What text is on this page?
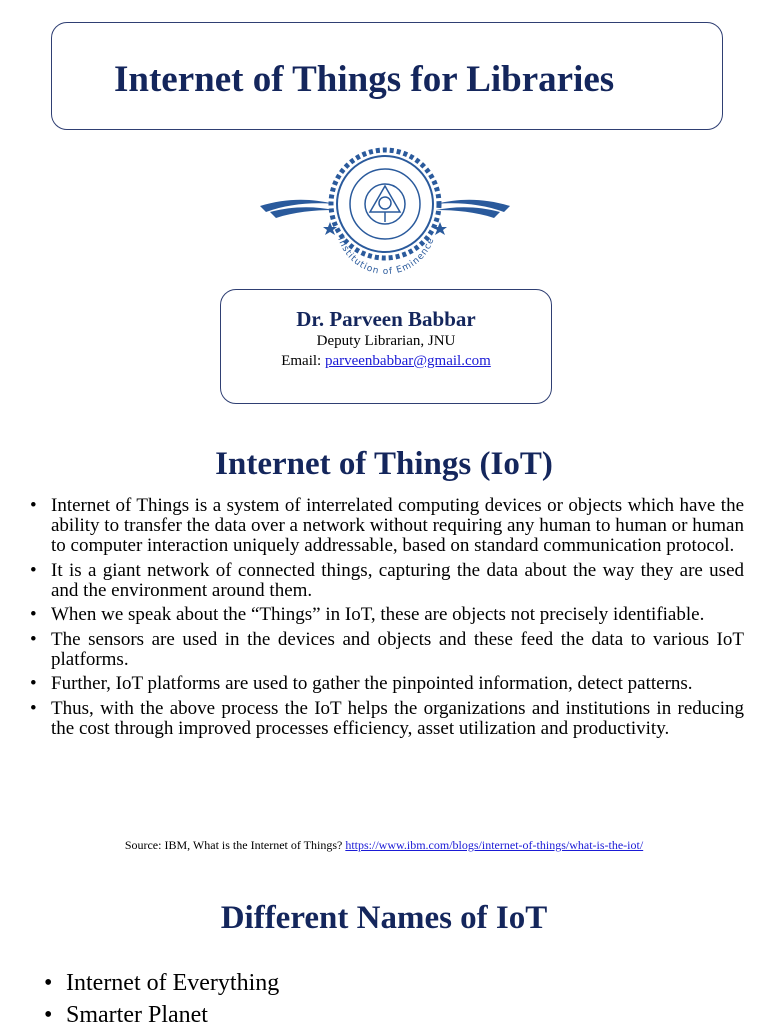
Internet of Things for Libraries
Institution of Eminence
Dr. Parveen Babbar
Deputy Librarian, JNU
Email: parveenbabbar@gmail.com
Internet of Things (IoT)
• Internet of Things is a system of interrelated computing devices or objects which have the ability to transfer the data over a network without requiring any human to human or human to computer interaction uniquely addressable, based on standard communication protocol.
• It is a giant network of connected things, capturing the data about the way they are used and the environment around them.
• When we speak about the “Things” in IoT, these are objects not precisely identifiable.
• The sensors are used in the devices and objects and these feed the data to various IoT platforms.
• Further, IoT platforms are used to gather the pinpointed information, detect patterns.
• Thus, with the above process the IoT helps the organizations and institutions in reducing the cost through improved processes efficiency, asset utilization and productivity.
Source: IBM, What is the Internet of Things? https://www.ibm.com/blogs/internet-of-things/what-is-the-iot/
Different Names of IoT
• Internet of Everything
• Smarter Planet
